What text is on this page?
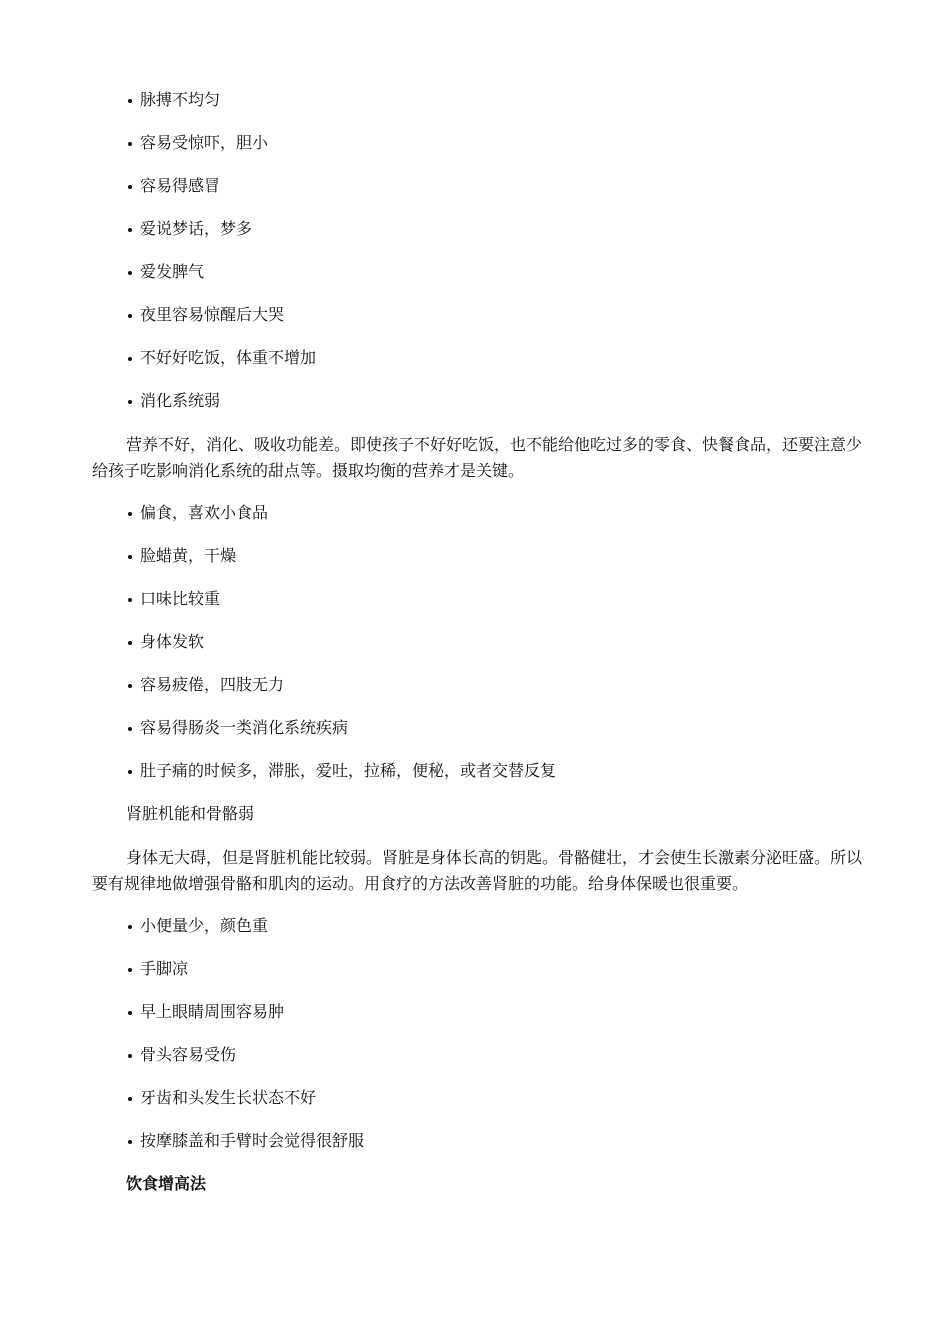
脉搏不均匀
容易受惊吓，胆小
容易得感冒
爱说梦话，梦多
爱发脾气
夜里容易惊醒后大哭
不好好吃饭，体重不增加
消化系统弱

营养不好，消化、吸收功能差。即使孩子不好好吃饭，也不能给他吃过多的零食、快餐食品，还要注意少给孩子吃影响消化系统的甜点等。摄取均衡的营养才是关键。

偏食，喜欢小食品
脸蜡黄，干燥
口味比较重
身体发软
容易疲倦，四肢无力
容易得肠炎一类消化系统疾病
肚子痛的时候多，滞胀，爱吐，拉稀，便秘，或者交替反复
肾脏机能和骨骼弱

身体无大碍，但是肾脏机能比较弱。肾脏是身体长高的钥匙。骨骼健壮，才会使生长激素分泌旺盛。所以要有规律地做增强骨骼和肌肉的运动。用食疗的方法改善肾脏的功能。给身体保暖也很重要。

小便量少，颜色重
手脚凉
早上眼睛周围容易肿
骨头容易受伤
牙齿和头发生长状态不好
按摩膝盖和手臂时会觉得很舒服
饮食增高法
